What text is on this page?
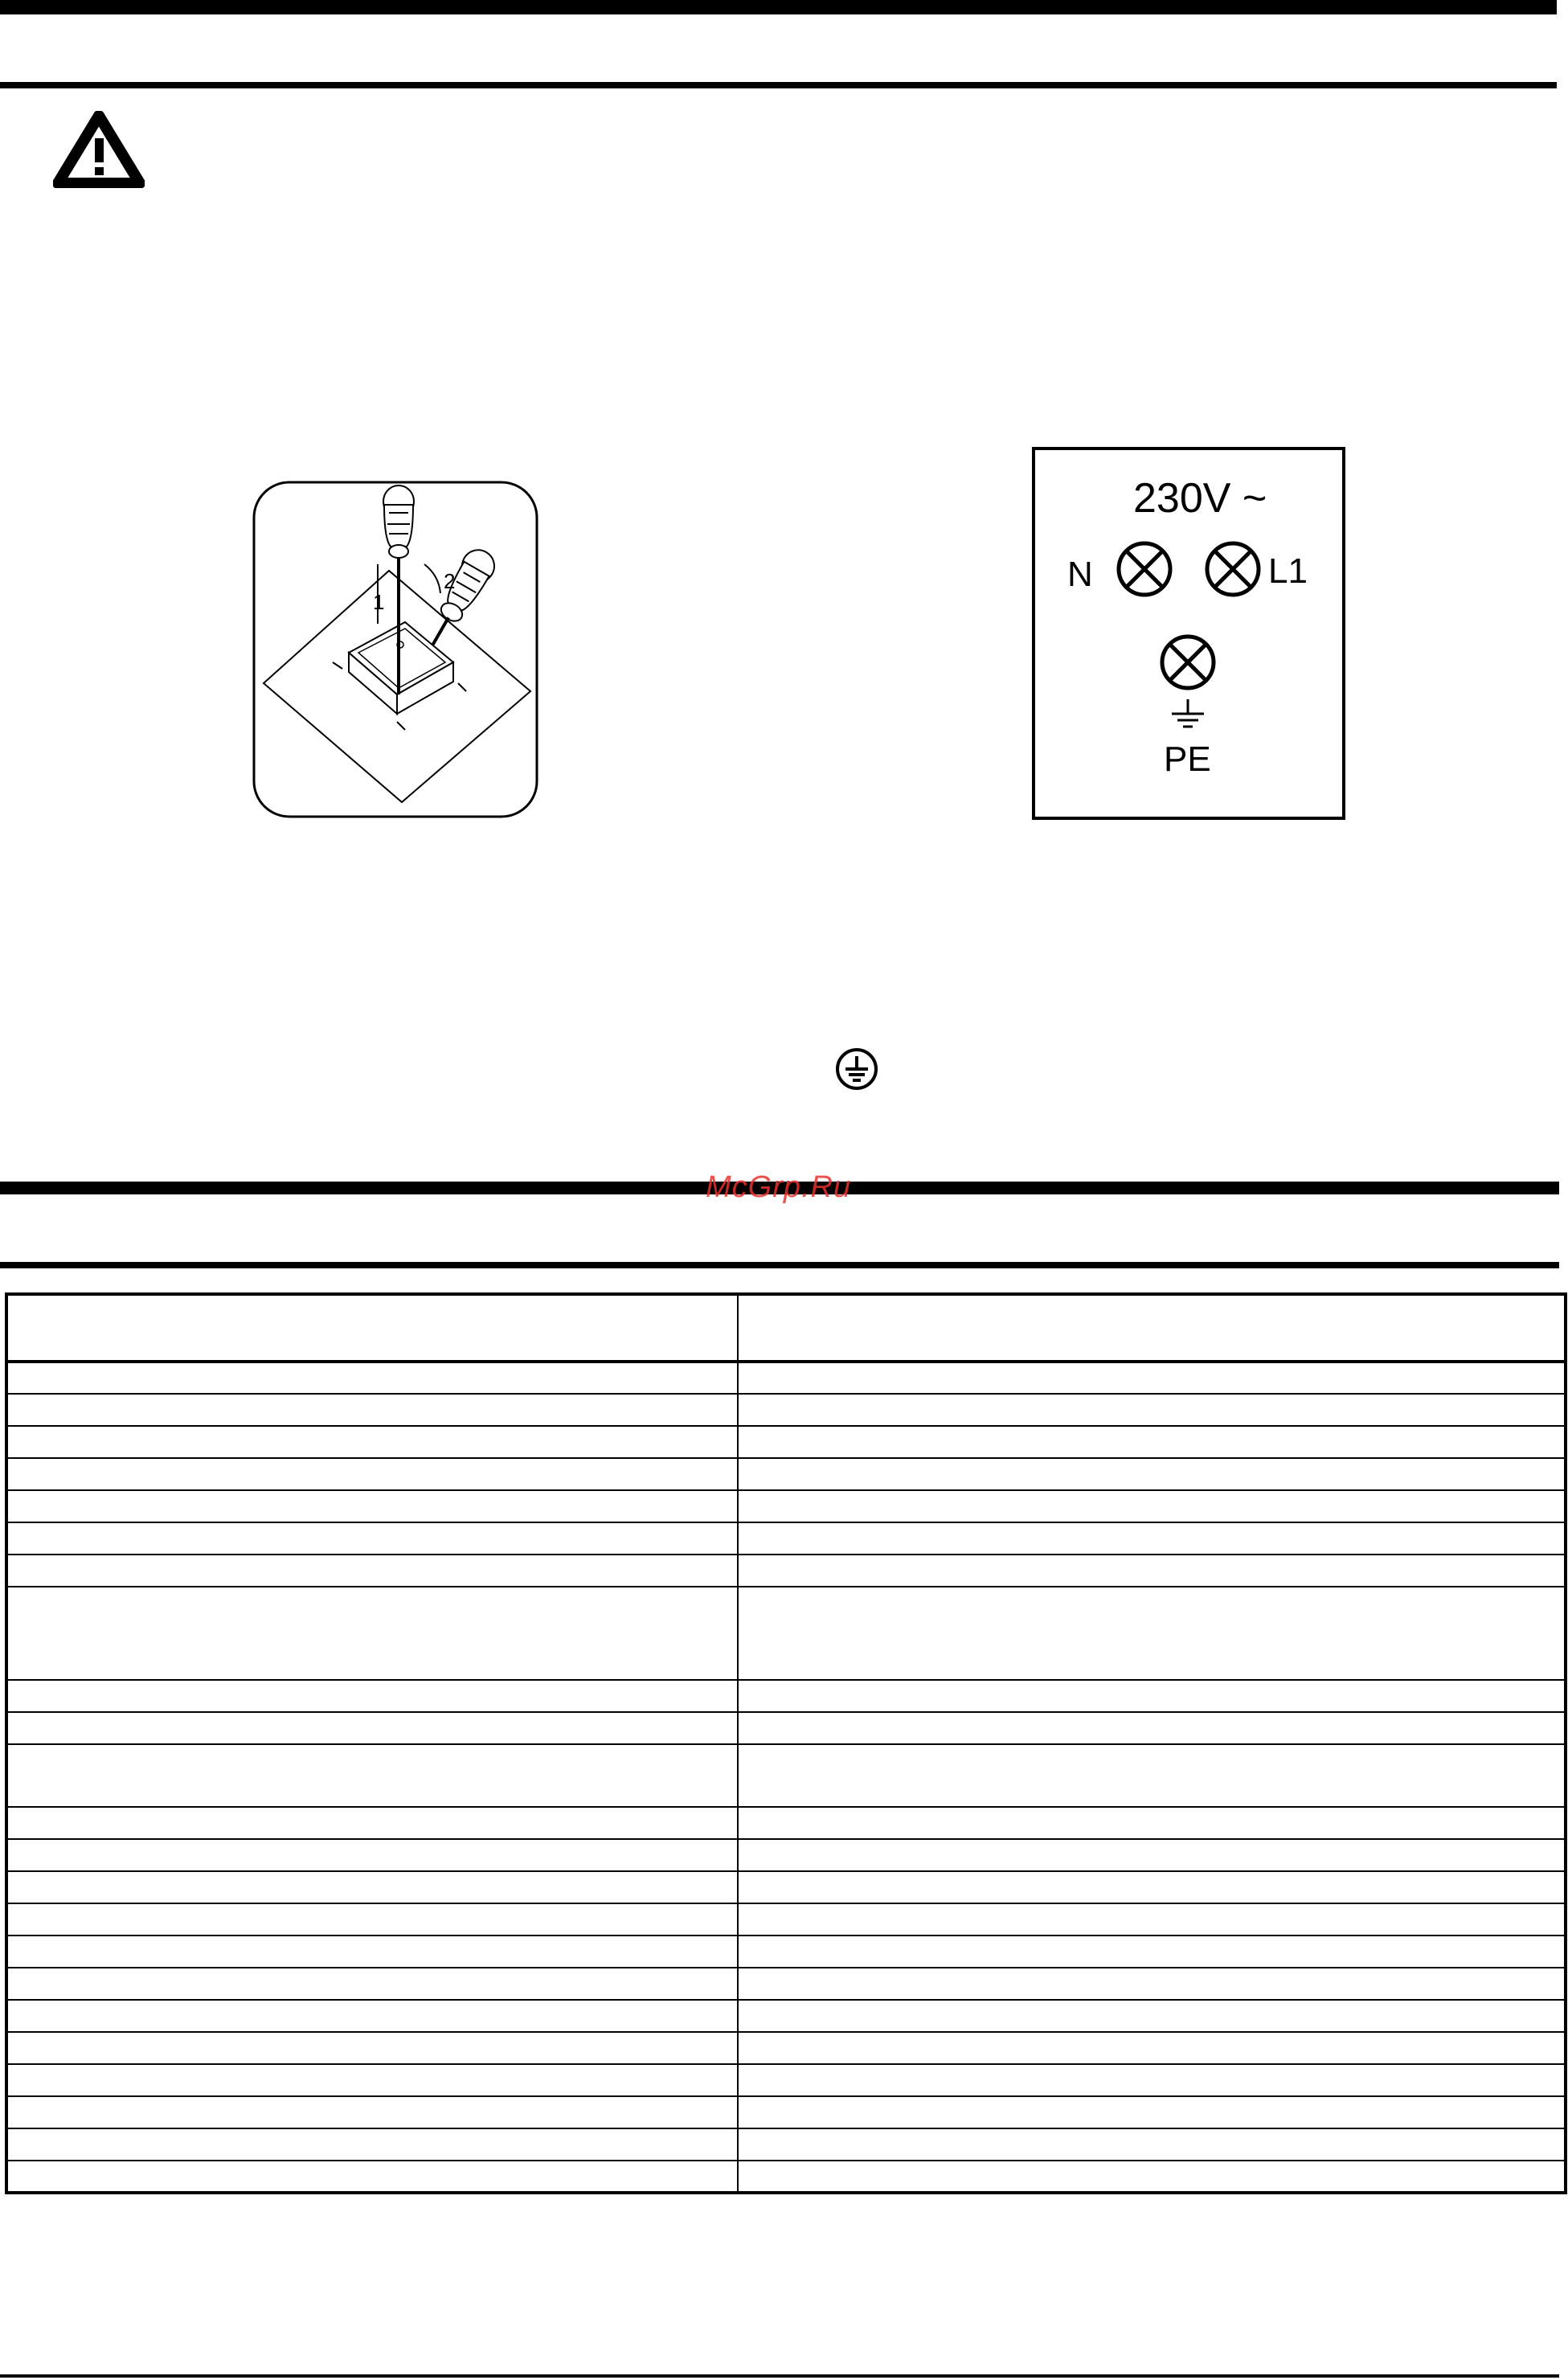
1
2
230V ~
N	L1
PE
McGrp.Ru
